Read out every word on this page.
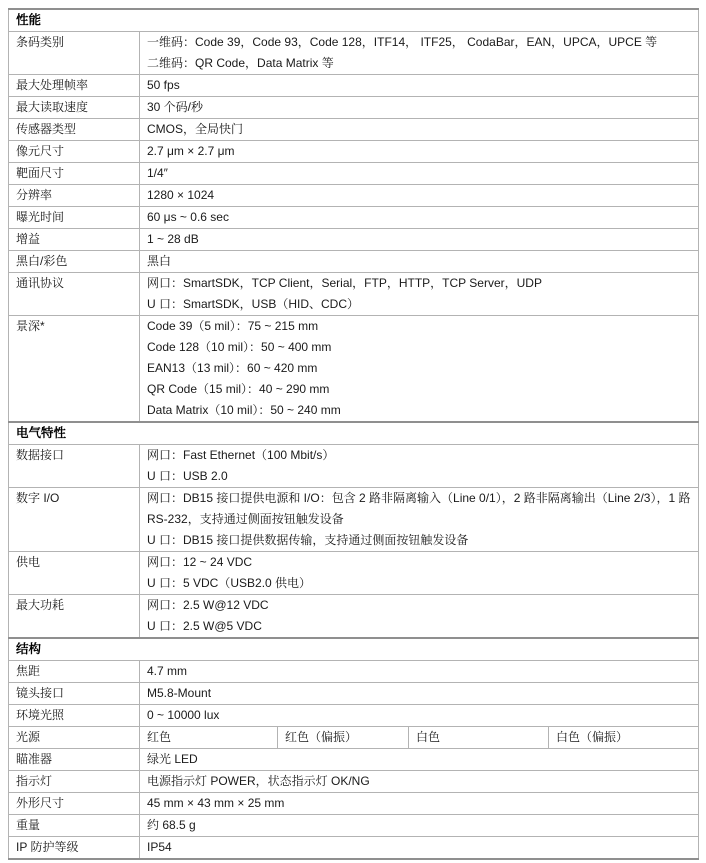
性能				
条码类别	一维码：Code 39，Code 93，Code 128，ITF14， ITF25， CodaBar，EAN，UPCA，UPCE 等
二维码：QR Code，Data Matrix 等			

最大处理帧率	50 fps			

最大读取速度	30 个码/秒			

传感器类型	CMOS，全局快门			

像元尺寸	2.7 μm × 2.7 μm			

靶面尺寸	1/4″			

分辨率	1280 × 1024			

曝光时间	60 μs ~ 0.6 sec			

增益	1 ~ 28 dB			

黑白/彩色	黑白			

通讯协议	网口：SmartSDK，TCP Client，Serial，FTP，HTTP，TCP Server，UDP
U 口：SmartSDK，USB（HID、CDC）			

景深*	Code 39（5 mil）：75 ~ 215 mm
Code 128（10 mil）：50 ~ 400 mm
EAN13（13 mil）：60 ~ 420 mm
QR Code（15 mil）：40 ~ 290 mm
Data Matrix（10 mil）：50 ~ 240 mm			

电气特性				
数据接口	网口：Fast Ethernet（100 Mbit/s）
U 口：USB 2.0			

数字 I/O	网口：DB15 接口提供电源和 I/O：包含 2 路非隔离输入（Line 0/1），2 路非隔离输出（Line 2/3），1 路 RS-232，支持通过侧面按钮触发设备
U 口：DB15 接口提供数据传输，支持通过侧面按钮触发设备			

供电	网口：12 ~ 24 VDC
U 口：5 VDC（USB2.0 供电）			

最大功耗	网口：2.5 W@12 VDC
U 口：2.5 W@5 VDC			

结构				
焦距	4.7 mm			

镜头接口	M5.8-Mount			

环境光照	0 ~ 10000 lux			

光源	红色	红色（偏振）	白色	白色（偏振）
瞄准器	绿光 LED			

指示灯	电源指示灯 POWER，状态指示灯 OK/NG			

外形尺寸	45 mm × 43 mm × 25 mm			

重量	约 68.5 g			

IP 防护等级	IP54			
